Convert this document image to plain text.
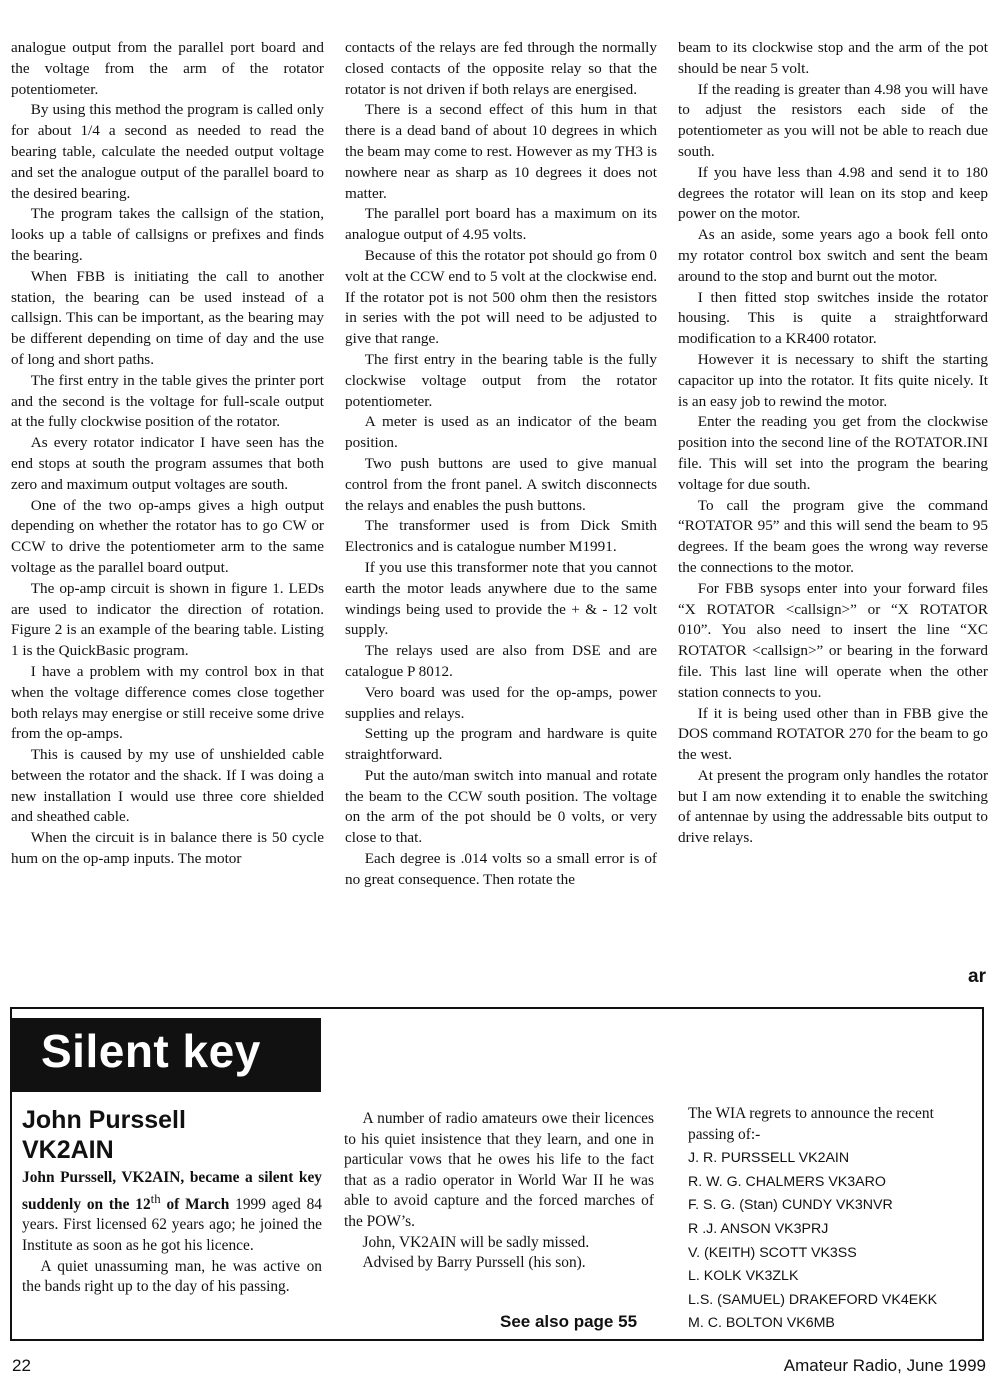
analogue output from the parallel port board and the voltage from the arm of the rotator potentiometer.

By using this method the program is called only for about 1/4 a second as needed to read the bearing table, calculate the needed output voltage and set the analogue output of the parallel board to the desired bearing.

The program takes the callsign of the station, looks up a table of callsigns or prefixes and finds the bearing.

When FBB is initiating the call to another station, the bearing can be used instead of a callsign. This can be important, as the bearing may be different depending on time of day and the use of long and short paths.

The first entry in the table gives the printer port and the second is the voltage for full-scale output at the fully clockwise position of the rotator.

As every rotator indicator I have seen has the end stops at south the program assumes that both zero and maximum output voltages are south.

One of the two op-amps gives a high output depending on whether the rotator has to go CW or CCW to drive the potentiometer arm to the same voltage as the parallel board output.

The op-amp circuit is shown in figure 1. LEDs are used to indicator the direction of rotation. Figure 2 is an example of the bearing table. Listing 1 is the QuickBasic program.

I have a problem with my control box in that when the voltage difference comes close together both relays may energise or still receive some drive from the op-amps.

This is caused by my use of unshielded cable between the rotator and the shack. If I was doing a new installation I would use three core shielded and sheathed cable.

When the circuit is in balance there is 50 cycle hum on the op-amp inputs. The motor

contacts of the relays are fed through the normally closed contacts of the opposite relay so that the rotator is not driven if both relays are energised.

There is a second effect of this hum in that there is a dead band of about 10 degrees in which the beam may come to rest. However as my TH3 is nowhere near as sharp as 10 degrees it does not matter.

The parallel port board has a maximum on its analogue output of 4.95 volts.

Because of this the rotator pot should go from 0 volt at the CCW end to 5 volt at the clockwise end. If the rotator pot is not 500 ohm then the resistors in series with the pot will need to be adjusted to give that range.

The first entry in the bearing table is the fully clockwise voltage output from the rotator potentiometer.

A meter is used as an indicator of the beam position.

Two push buttons are used to give manual control from the front panel. A switch disconnects the relays and enables the push buttons.

The transformer used is from Dick Smith Electronics and is catalogue number M1991.

If you use this transformer note that you cannot earth the motor leads anywhere due to the same windings being used to provide the + & - 12 volt supply.

The relays used are also from DSE and are catalogue P 8012.

Vero board was used for the op-amps, power supplies and relays.

Setting up the program and hardware is quite straightforward.

Put the auto/man switch into manual and rotate the beam to the CCW south position. The voltage on the arm of the pot should be 0 volts, or very close to that.

Each degree is .014 volts so a small error is of no great consequence. Then rotate the

beam to its clockwise stop and the arm of the pot should be near 5 volt.

If the reading is greater than 4.98 you will have to adjust the resistors each side of the potentiometer as you will not be able to reach due south.

If you have less than 4.98 and send it to 180 degrees the rotator will lean on its stop and keep power on the motor.

As an aside, some years ago a book fell onto my rotator control box switch and sent the beam around to the stop and burnt out the motor.

I then fitted stop switches inside the rotator housing. This is quite a straightforward modification to a KR400 rotator.

However it is necessary to shift the starting capacitor up into the rotator. It fits quite nicely. It is an easy job to rewind the motor.

Enter the reading you get from the clockwise position into the second line of the ROTATOR.INI file. This will set into the program the bearing voltage for due south.

To call the program give the command “ROTATOR 95” and this will send the beam to 95 degrees. If the beam goes the wrong way reverse the connections to the motor.

For FBB sysops enter into your forward files “X ROTATOR <callsign>” or “X ROTATOR 010”. You also need to insert the line “XC ROTATOR <callsign>” or bearing in the forward file. This last line will operate when the other station connects to you.

If it is being used other than in FBB give the DOS command ROTATOR 270 for the beam to go the west.

At present the program only handles the rotator but I am now extending it to enable the switching of antennae by using the addressable bits output to drive relays.

ar
Silent key
John Purssell
VK2AIN

John Purssell, VK2AIN, became a silent key suddenly on the 12th of March 1999 aged 84 years. First licensed 62 years ago; he joined the Institute as soon as he got his licence.

A quiet unassuming man, he was active on the bands right up to the day of his passing.

A number of radio amateurs owe their licences to his quiet insistence that they learn, and one in particular vows that he owes his life to the fact that as a radio operator in World War II he was able to avoid capture and the forced marches of the POW’s.

John, VK2AIN will be sadly missed.

Advised by Barry Purssell (his son).

See also page 55

The WIA regrets to announce the recent passing of:-

J. R. PURSSELL VK2AIN
R. W. G. CHALMERS VK3ARO
F. S. G. (Stan) CUNDY VK3NVR
R .J. ANSON VK3PRJ
V. (KEITH) SCOTT VK3SS
L. KOLK VK3ZLK
L.S. (SAMUEL) DRAKEFORD VK4EKK
M. C. BOLTON VK6MB
22	Amateur Radio, June 1999
